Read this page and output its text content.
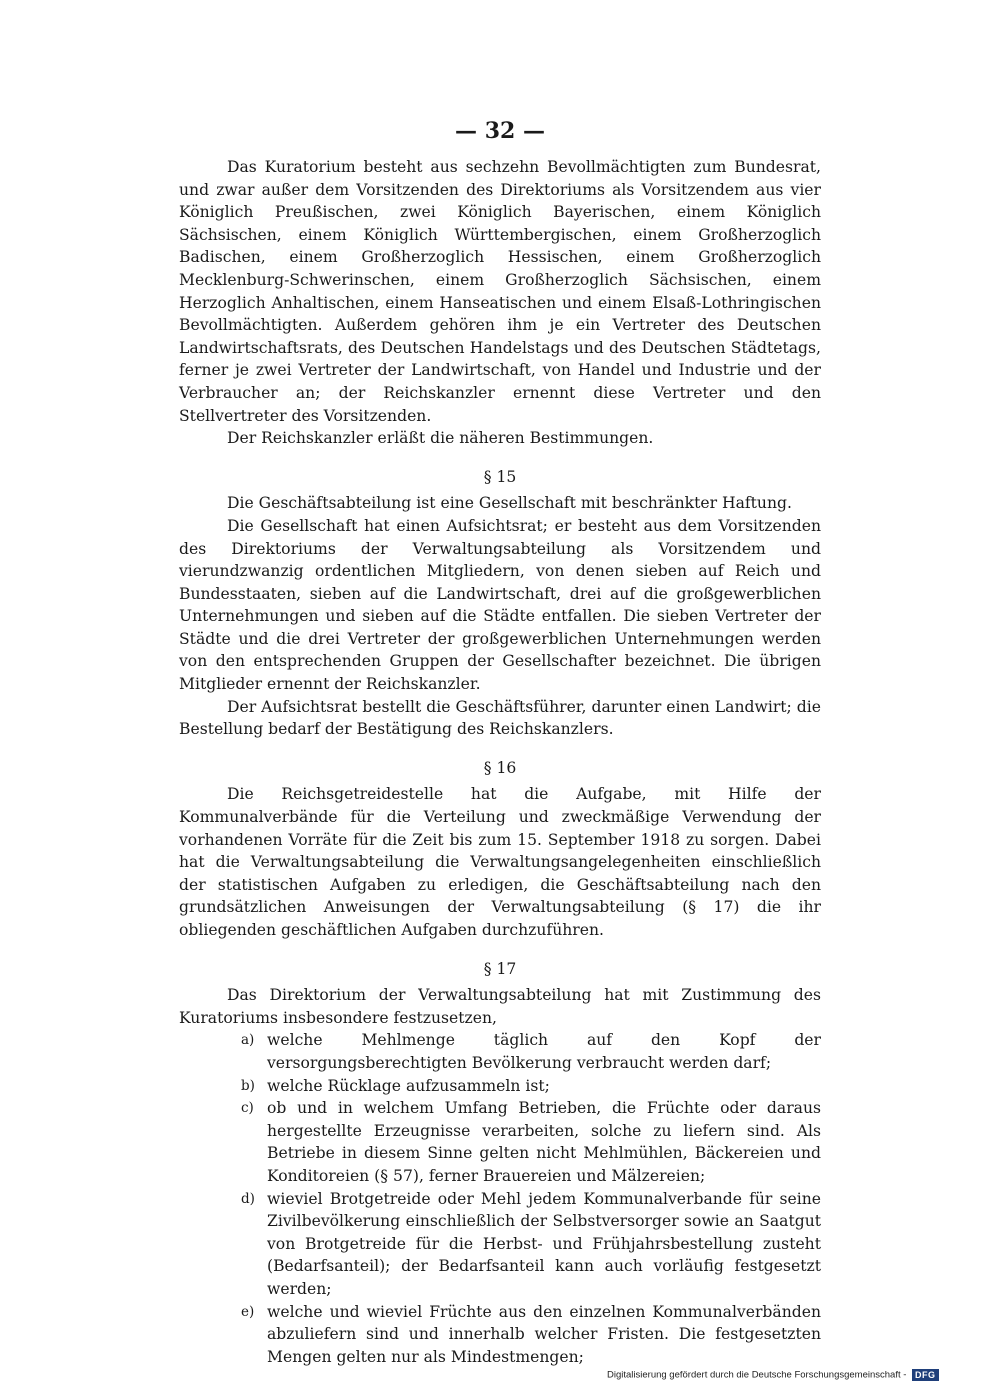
— 32 —

Das Kuratorium besteht aus sechzehn Bevollmächtigten zum Bundesrat, und zwar außer dem Vorsitzenden des Direktoriums als Vorsitzendem aus vier Königlich Preußischen, zwei Königlich Bayerischen, einem Königlich Sächsischen, einem Königlich Württembergischen, einem Großherzoglich Badischen, einem Großherzoglich Hessischen, einem Großherzoglich Mecklenburg-Schwerinschen, einem Großherzoglich Sächsischen, einem Herzoglich Anhaltischen, einem Hanseatischen und einem Elsaß-Lothringischen Bevollmächtigten. Außerdem gehören ihm je ein Vertreter des Deutschen Landwirtschaftsrats, des Deutschen Handelstags und des Deutschen Städtetags, ferner je zwei Vertreter der Landwirtschaft, von Handel und Industrie und der Verbraucher an; der Reichskanzler ernennt diese Vertreter und den Stellvertreter des Vorsitzenden.

Der Reichskanzler erläßt die näheren Bestimmungen.

§ 15

Die Geschäftsabteilung ist eine Gesellschaft mit beschränkter Haftung.

Die Gesellschaft hat einen Aufsichtsrat; er besteht aus dem Vorsitzenden des Direktoriums der Verwaltungsabteilung als Vorsitzendem und vierundzwanzig ordentlichen Mitgliedern, von denen sieben auf Reich und Bundesstaaten, sieben auf die Landwirtschaft, drei auf die großgewerblichen Unternehmungen und sieben auf die Städte entfallen. Die sieben Vertreter der Städte und die drei Vertreter der großgewerblichen Unternehmungen werden von den entsprechenden Gruppen der Gesellschafter bezeichnet. Die übrigen Mitglieder ernennt der Reichskanzler.

Der Aufsichtsrat bestellt die Geschäftsführer, darunter einen Landwirt; die Bestellung bedarf der Bestätigung des Reichskanzlers.

§ 16

Die Reichsgetreidestelle hat die Aufgabe, mit Hilfe der Kommunalverbände für die Verteilung und zweckmäßige Verwendung der vorhandenen Vorräte für die Zeit bis zum 15. September 1918 zu sorgen. Dabei hat die Verwaltungsabteilung die Verwaltungsangelegenheiten einschließlich der statistischen Aufgaben zu erledigen, die Geschäftsabteilung nach den grundsätzlichen Anweisungen der Verwaltungsabteilung (§ 17) die ihr obliegenden geschäftlichen Aufgaben durchzuführen.

§ 17

Das Direktorium der Verwaltungsabteilung hat mit Zustimmung des Kuratoriums insbesondere festzusetzen,

a) welche Mehlmenge täglich auf den Kopf der versorgungsberechtigten Bevölkerung verbraucht werden darf;
b) welche Rücklage aufzusammeln ist;
c) ob und in welchem Umfang Betrieben, die Früchte oder daraus hergestellte Erzeugnisse verarbeiten, solche zu liefern sind. Als Betriebe in diesem Sinne gelten nicht Mehlmühlen, Bäckereien und Konditoreien (§ 57), ferner Brauereien und Mälzereien;
d) wieviel Brotgetreide oder Mehl jedem Kommunalverbande für seine Zivilbevölkerung einschließlich der Selbstversorger sowie an Saatgut von Brotgetreide für die Herbst- und Frühjahrsbestellung zusteht (Bedarfsanteil); der Bedarfsanteil kann auch vorläufig festgesetzt werden;
e) welche und wieviel Früchte aus den einzelnen Kommunalverbänden abzuliefern sind und innerhalb welcher Fristen. Die festgesetzten Mengen gelten nur als Mindestmengen;
Digitalisierung gefördert durch die Deutsche Forschungsgemeinschaft - DFG
